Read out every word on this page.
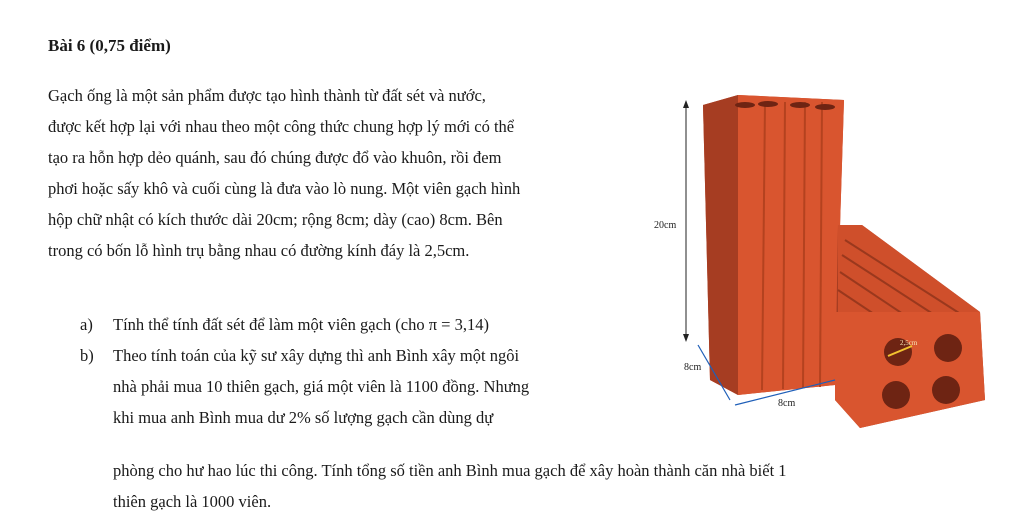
Bài 6 (0,75 điểm)
Gạch ống là một sản phẩm được tạo hình thành từ đất sét và nước,
được kết hợp lại với nhau theo một công thức chung hợp lý mới có thể
tạo ra hỗn hợp dẻo quánh, sau đó chúng được đổ vào khuôn, rồi đem
phơi hoặc sấy khô và cuối cùng là đưa vào lò nung. Một viên gạch hình
hộp chữ nhật có kích thước dài 20cm; rộng 8cm; dày (cao) 8cm. Bên
trong có bốn lỗ hình trụ bằng nhau có đường kính đáy là 2,5cm.
a) Tính thể tính đất sét để làm một viên gạch (cho π = 3,14)
b) Theo tính toán của kỹ sư xây dựng thì anh Bình xây một ngôi
nhà phải mua 10 thiên gạch, giá một viên là 1100 đồng. Nhưng
khi mua anh Bình mua dư 2% số lượng gạch cần dùng dự
phòng cho hư hao lúc thi công. Tính tổng số tiền anh Bình mua gạch để xây hoàn thành căn nhà biết 1
thiên gạch là 1000 viên.
20cm
8cm
8cm
2,5cm
